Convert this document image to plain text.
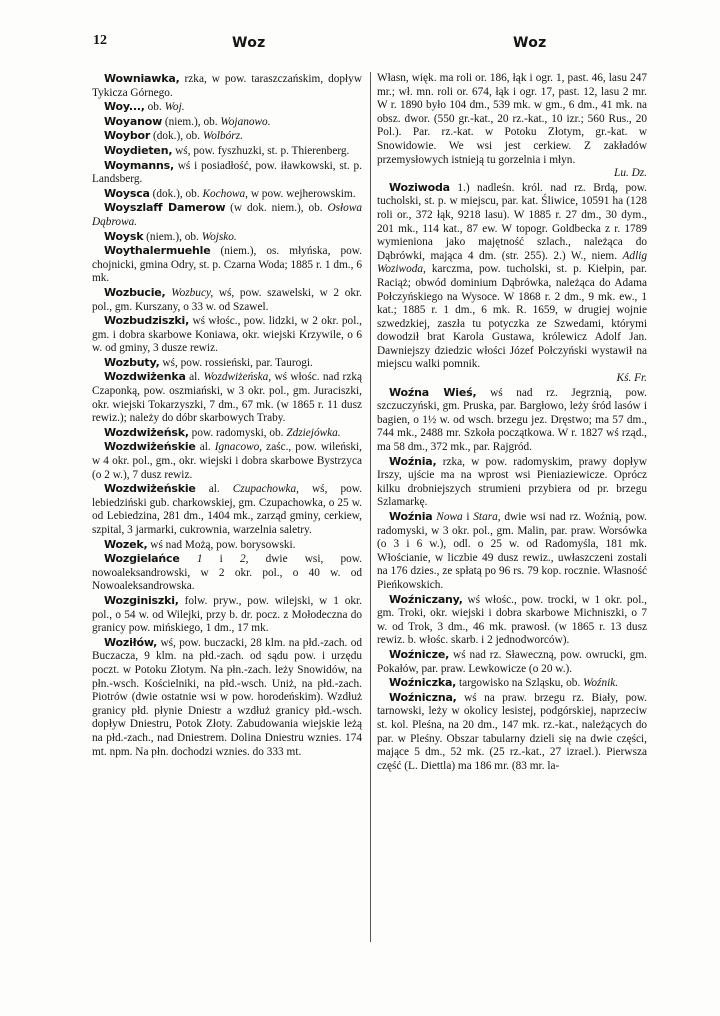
12	Woz	Woz

Wowniawka, rzka, w pow. taraszczańskim, dopływ Tykicza Górnego.

Woy..., ob. Woj.

Woyanow (niem.), ob. Wojanowo.

Woybor (dok.), ob. Wolbórz.

Woydieten, wś, pow. fyszhuzki, st. p. Thierenberg.

Woymanns, wś i posiadłość, pow. iławkowski, st. p. Landsberg.

Woysca (dok.), ob. Kochowa, w pow. wejherowskim.

Woyszlaff Damerow (w dok. niem.), ob. Osłowa Dąbrowa.

Woysk (niem.), ob. Wojsko.

Woythalermuehle (niem.), os. młyńska, pow. chojnicki, gmina Odry, st. p. Czarna Woda; 1885 r. 1 dm., 6 mk.

Wozbucie, Wozbucy, wś, pow. szawelski, w 2 okr. pol., gm. Kurszany, o 33 w. od Szawel.

Wozbudziszki, wś włośc., pow. lidzki, w 2 okr. pol., gm. i dobra skarbowe Koniawa, okr. wiejski Krzywile, o 6 w. od gminy, 3 dusze rewiz.

Wozbuty, wś, pow. rossieński, par. Taurogi.

Wozdwiżenka al. Wozdwiżeńska, wś włośc. nad rzką Czaponką, pow. oszmiański, w 3 okr. pol., gm. Juraciszki, okr. wiejski Tokarzyszki, 7 dm., 67 mk. (w 1865 r. 11 dusz rewiz.); należy do dóbr skarbowych Traby.

Wozdwiżeńsk, pow. radomyski, ob. Zdziejówka.

Wozdwiżeńskie al. Ignacowo, zaśc., pow. wileński, w 4 okr. pol., gm., okr. wiejski i dobra skarbowe Bystrzyca (o 2 w.), 7 dusz rewiz.

Wozdwiżeńskie al. Czupachowka, wś, pow. lebiedziński gub. charkowskiej, gm. Czupachowka, o 25 w. od Lebiedzina, 281 dm., 1404 mk., zarząd gminy, cerkiew, szpital, 3 jarmarki, cukrownia, warzelnia saletry.

Wozek, wś nad Możą, pow. borysowski.

Wozgielańce 1 i 2, dwie wsi, pow. nowoaleksandrowski, w 2 okr. pol., o 40 w. od Nowoaleksandrowska.

Wozginiszki, folw. pryw., pow. wilejski, w 1 okr. pol., o 54 w. od Wilejki, przy b. dr. pocz. z Mołodeczna do granicy pow. mińskiego, 1 dm., 17 mk.

Woziłów, wś, pow. buczacki, 28 klm. na płd.-zach. od Buczacza, 9 klm. na płd.-zach. od sądu pow. i urzędu poczt. w Potoku Złotym. Na płn.-zach. leży Snowidów, na płn.-wsch. Kościelniki, na płd.-wsch. Uniż, na płd.-zach. Piotrów (dwie ostatnie wsi w pow. horodeńskim). Wzdłuż granicy płd. płynie Dniestr a wzdłuż granicy płd.-wsch. dopływ Dniestru, Potok Złoty. Zabudowania wiejskie leżą na płd.-zach., nad Dniestrem. Dolina Dniestru wznies. 174 mt. npm. Na płn. dochodzi wznies. do 333 mt.

Własn, więk. ma roli or. 186, łąk i ogr. 1, past. 46, lasu 247 mr.; wł. mn. roli or. 674, łąk i ogr. 17, past. 12, lasu 2 mr. W r. 1890 było 104 dm., 539 mk. w gm., 6 dm., 41 mk. na obsz. dwor. (550 gr.-kat., 20 rz.-kat., 10 izr.; 560 Rus., 20 Pol.). Par. rz.-kat. w Potoku Złotym, gr.-kat. w Snowidowie. We wsi jest cerkiew. Z zakładów przemysłowych istnieją tu gorzelnia i młyn.
Lu. Dz.

Woziwoda 1.) nadleśn. król. nad rz. Brdą, pow. tucholski, st. p. w miejscu, par. kat. Śliwice, 10591 ha (128 roli or., 372 łąk, 9218 lasu). W 1885 r. 27 dm., 30 dym., 201 mk., 114 kat., 87 ew. W topogr. Goldbecka z r. 1789 wymieniona jako majętność szlach., należąca do Dąbrówki, mająca 4 dm. (str. 255). 2.) W., niem. Adlig Woziwoda, karczma, pow. tucholski, st. p. Kiełpin, par. Raciąż; obwód dominium Dąbrówka, należąca do Adama Połczyńskiego na Wysoce. W 1868 r. 2 dm., 9 mk. ew., 1 kat.; 1885 r. 1 dm., 6 mk. R. 1659, w drugiej wojnie szwedzkiej, zaszła tu potyczka ze Szwedami, którymi dowodził brat Karola Gustawa, królewicz Adolf Jan. Dawniejszy dziedzic włości Józef Połczyński wystawił na miejscu walki pomnik.
Kś. Fr.

Woźna Wieś, wś nad rz. Jegrznią, pow. szczuczyński, gm. Pruska, par. Bargłowo, leży śród lasów i bagien, o 1½ w. od wsch. brzegu jez. Dręstwo; ma 57 dm., 744 mk., 2488 mr. Szkoła początkowa. W r. 1827 wś rząd., ma 58 dm., 372 mk., par. Rajgród.

Woźnia, rzka, w pow. radomyskim, prawy dopływ Irszy, ujście ma na wprost wsi Pieniaziewicze. Oprócz kilku drobniejszych strumieni przybiera od pr. brzegu Szlamarkę.

Woźnia Nowa i Stara, dwie wsi nad rz. Woźnią, pow. radomyski, w 3 okr. pol., gm. Malin, par. praw. Worsówka (o 3 i 6 w.), odl. o 25 w. od Radomyśla, 181 mk. Włościanie, w liczbie 49 dusz rewiz., uwłaszczeni zostali na 176 dzies., ze spłatą po 96 rs. 79 kop. rocznie. Własność Pieńkowskich.

Woźniczany, wś włośc., pow. trocki, w 1 okr. pol., gm. Troki, okr. wiejski i dobra skarbowe Michniszki, o 7 w. od Trok, 3 dm., 46 mk. prawosł. (w 1865 r. 13 dusz rewiz. b. włośc. skarb. i 2 jednodworców).

Woźnicze, wś nad rz. Sławeczną, pow. owrucki, gm. Pokałów, par. praw. Lewkowicze (o 20 w.).

Woźniczka, targowisko na Szląsku, ob. Woźnik.

Woźniczna, wś na praw. brzegu rz. Biały, pow. tarnowski, leży w okolicy lesistej, podgórskiej, naprzeciw st. kol. Pleśna, na 20 dm., 147 mk. rz.-kat., należących do par. w Pleśny. Obszar tabularny dzieli się na dwie części, mające 5 dm., 52 mk. (25 rz.-kat., 27 izrael.). Pierwsza część (L. Diettla) ma 186 mr. (83 mr. la-
